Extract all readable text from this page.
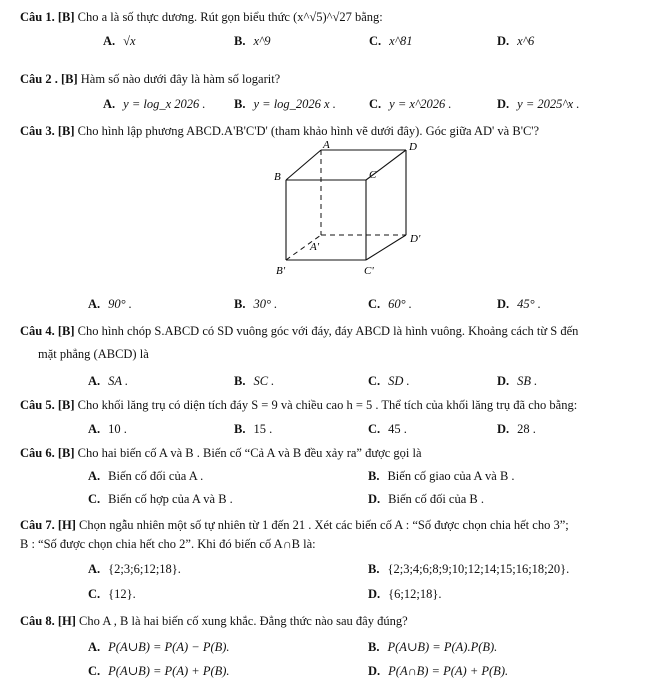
Câu 1. [B] Cho a là số thực dương. Rút gọn biểu thức (x^√5)^√27 bằng:
A. √x	B. x^9	C. x^81	D. x^6
Câu 2 . [B] Hàm số nào dưới đây là hàm số logarit?
A. y = log_x 2026 . B. y = log_2026 x .	C. y = x^2026 .	D. y = 2025^x .
Câu 3. [B] Cho hình lập phương ABCD.A'B'C'D' (tham khảo hình vẽ dưới đây). Góc giữa AD' và B'C'?
A	D
B	C
A'
D'
B'	C'
A. 90° .	B. 30° .	C. 60° .	D. 45° .
Câu 4. [B] Cho hình chóp S.ABCD có SD vuông góc với đáy, đáy ABCD là hình vuông. Khoảng cách từ S đến
mặt phẳng (ABCD) là
A. SA .	B. SC .	C. SD .	D. SB .
Câu 5. [B] Cho khối lăng trụ có diện tích đáy S = 9 và chiều cao h = 5 . Thể tích của khối lăng trụ đã cho bằng:
A. 10 .	B. 15 .	C. 45 .	D. 28 .
Câu 6. [B] Cho hai biến cố A và B . Biến cố “Cả A và B đều xảy ra” được gọi là
A. Biến cố đối của A .	B. Biến cố giao của A và B .
C. Biến cố hợp của A và B .	D. Biến cố đối của B .
Câu 7. [H] Chọn ngẫu nhiên một số tự nhiên từ 1 đến 21 . Xét các biến cố A : “Số được chọn chia hết cho 3”;
B : “Số được chọn chia hết cho 2”. Khi đó biến cố A∩B là:
A. {2;3;6;12;18}.	B. {2;3;4;6;8;9;10;12;14;15;16;18;20}.
C. {12}.	D. {6;12;18}.
Câu 8. [H] Cho A , B là hai biến cố xung khắc. Đẳng thức nào sau đây đúng?
A. P(A∪B) = P(A) − P(B).	B. P(A∪B) = P(A).P(B).
C. P(A∪B) = P(A) + P(B).	D. P(A∩B) = P(A) + P(B).
